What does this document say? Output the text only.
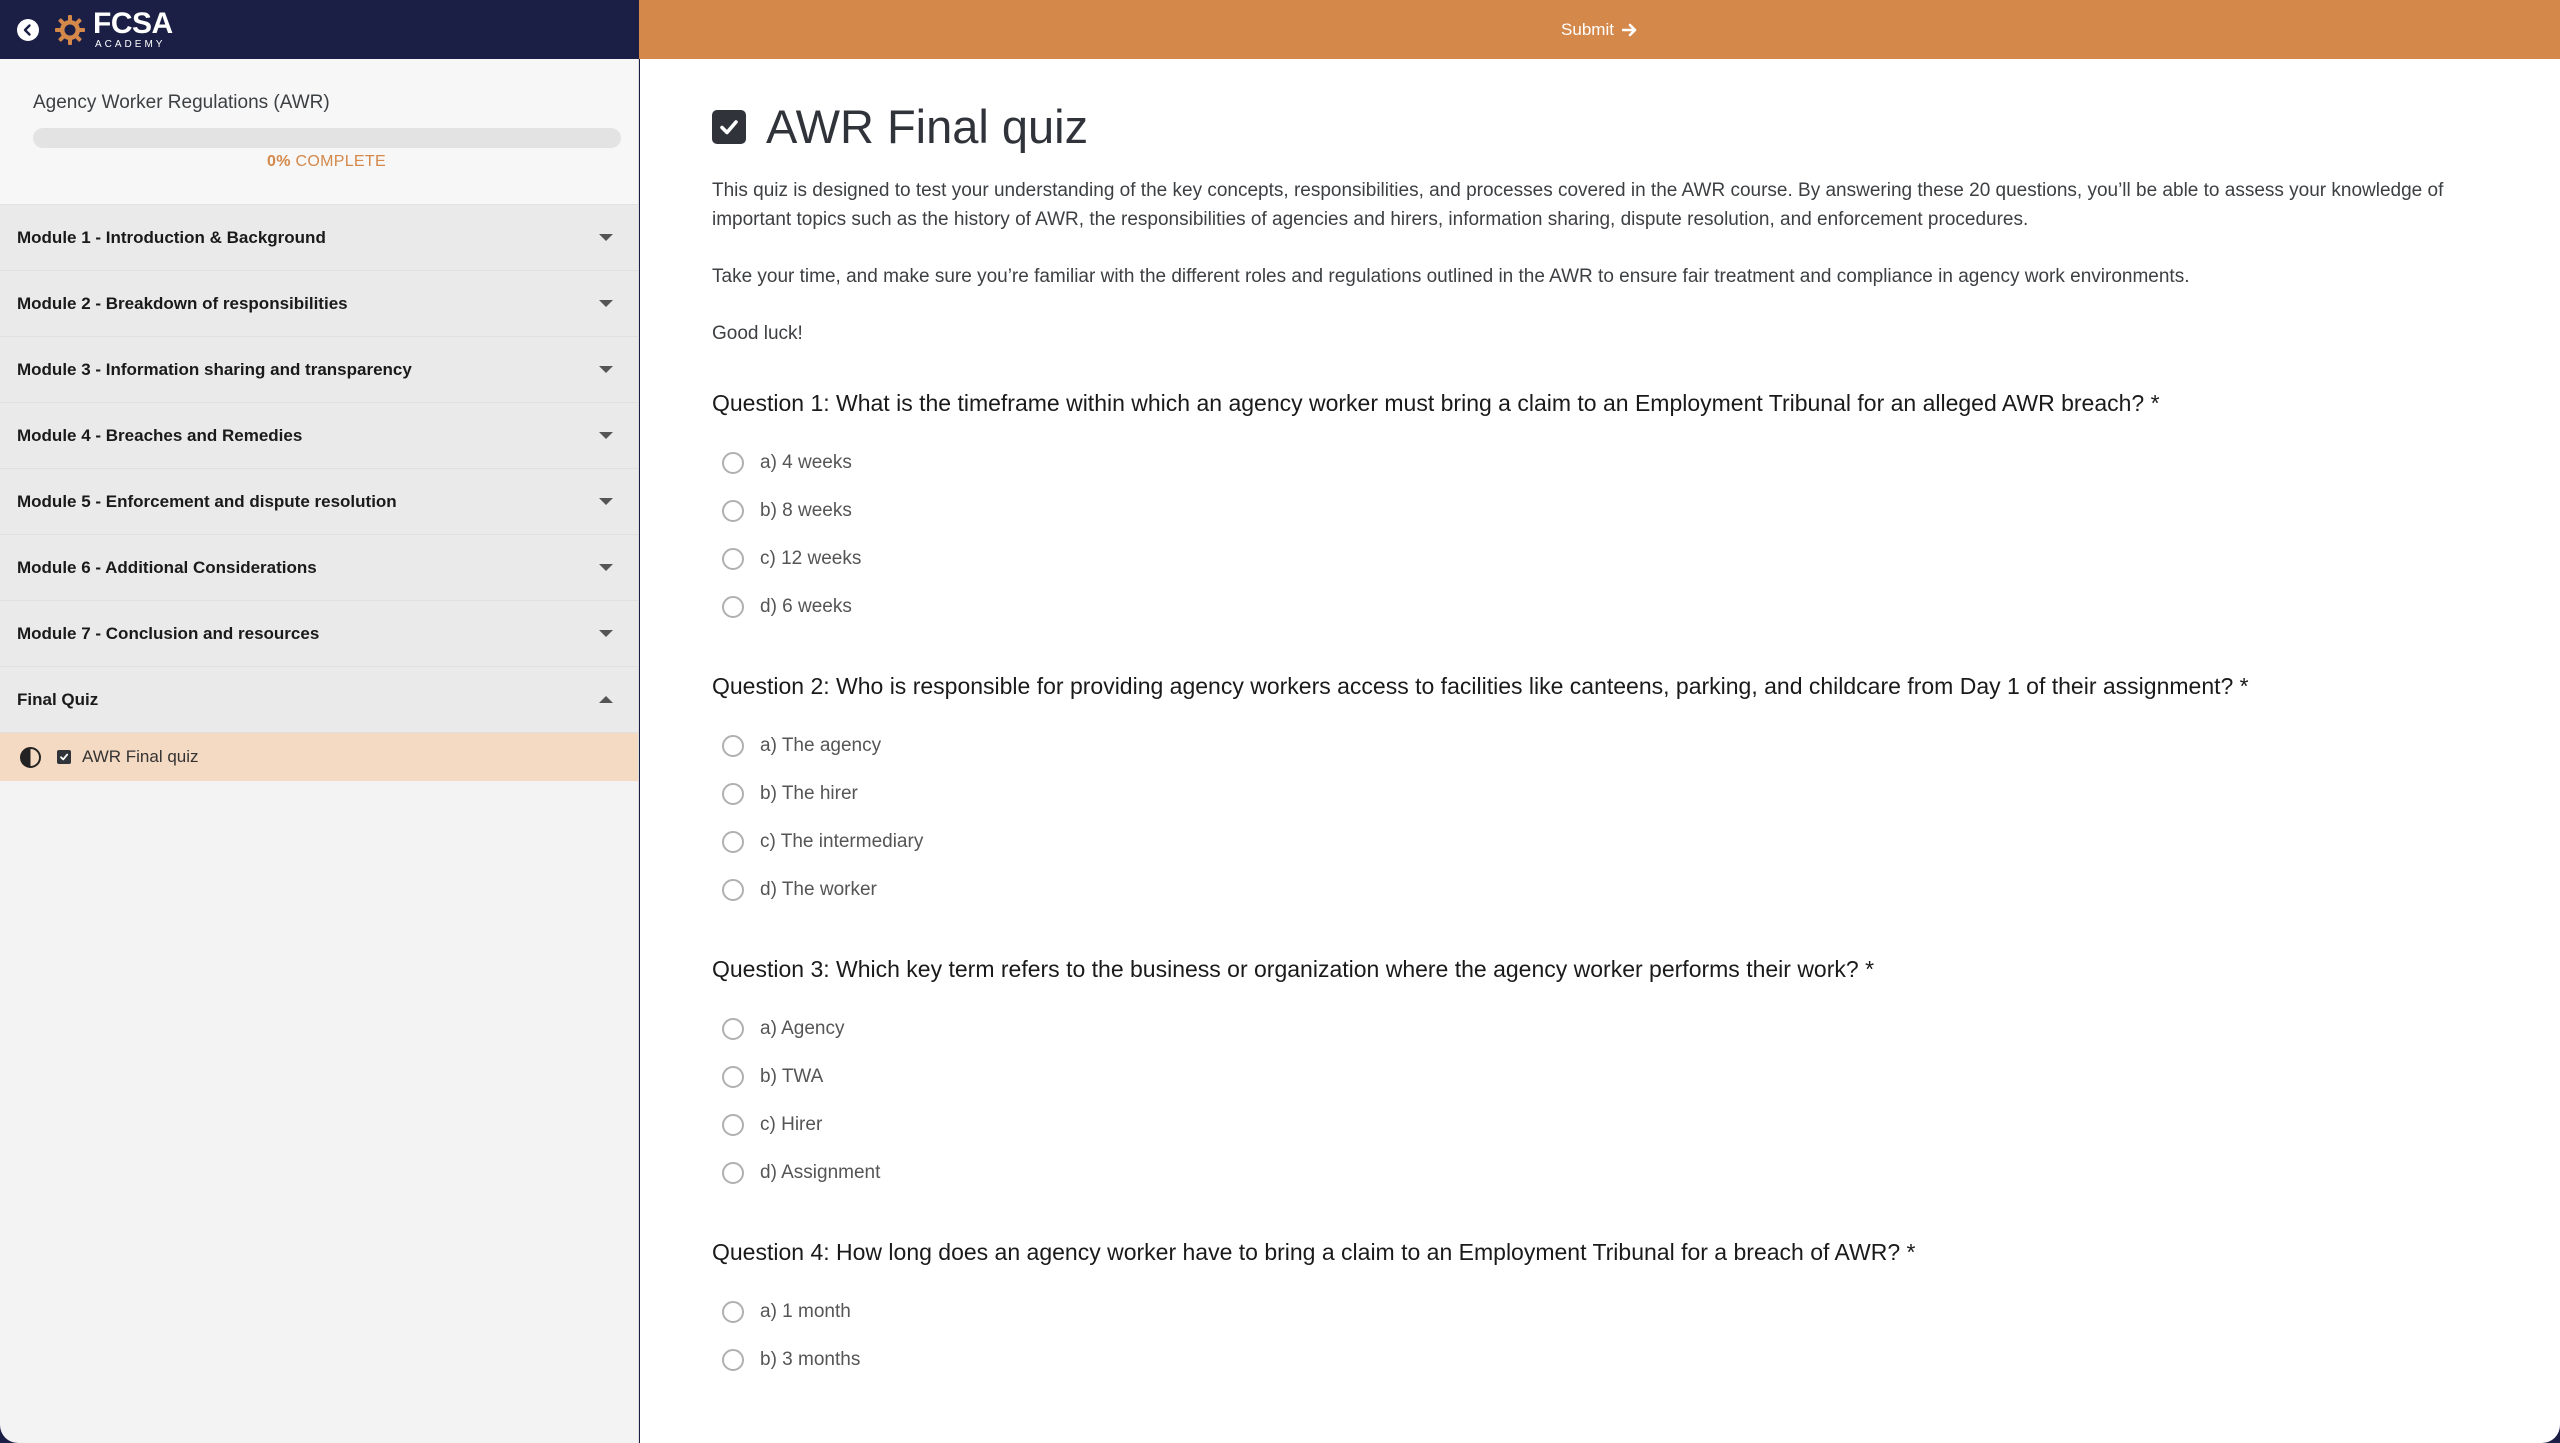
FCSA
ACADEMY
Submit
Agency Worker Regulations (AWR)
0% COMPLETE
Module 1 - Introduction & Background
Module 2 - Breakdown of responsibilities
Module 3 - Information sharing and transparency
Module 4 - Breaches and Remedies
Module 5 - Enforcement and dispute resolution
Module 6 - Additional Considerations
Module 7 - Conclusion and resources
Final Quiz
AWR Final quiz
AWR Final quiz

This quiz is designed to test your understanding of the key concepts, responsibilities, and processes covered in the AWR course. By answering these 20 questions, you’ll be able to assess your knowledge of important topics such as the history of AWR, the responsibilities of agencies and hirers, information sharing, dispute resolution, and enforcement procedures.

Take your time, and make sure you’re familiar with the different roles and regulations outlined in the AWR to ensure fair treatment and compliance in agency work environments.

Good luck!

Question 1: What is the timeframe within which an agency worker must bring a claim to an Employment Tribunal for an alleged AWR breach? *
a) 4 weeks
b) 8 weeks
c) 12 weeks
d) 6 weeks
Question 2: Who is responsible for providing agency workers access to facilities like canteens, parking, and childcare from Day 1 of their assignment? *
a) The agency
b) The hirer
c) The intermediary
d) The worker
Question 3: Which key term refers to the business or organization where the agency worker performs their work? *
a) Agency
b) TWA
c) Hirer
d) Assignment
Question 4: How long does an agency worker have to bring a claim to an Employment Tribunal for a breach of AWR? *
a) 1 month
b) 3 months
